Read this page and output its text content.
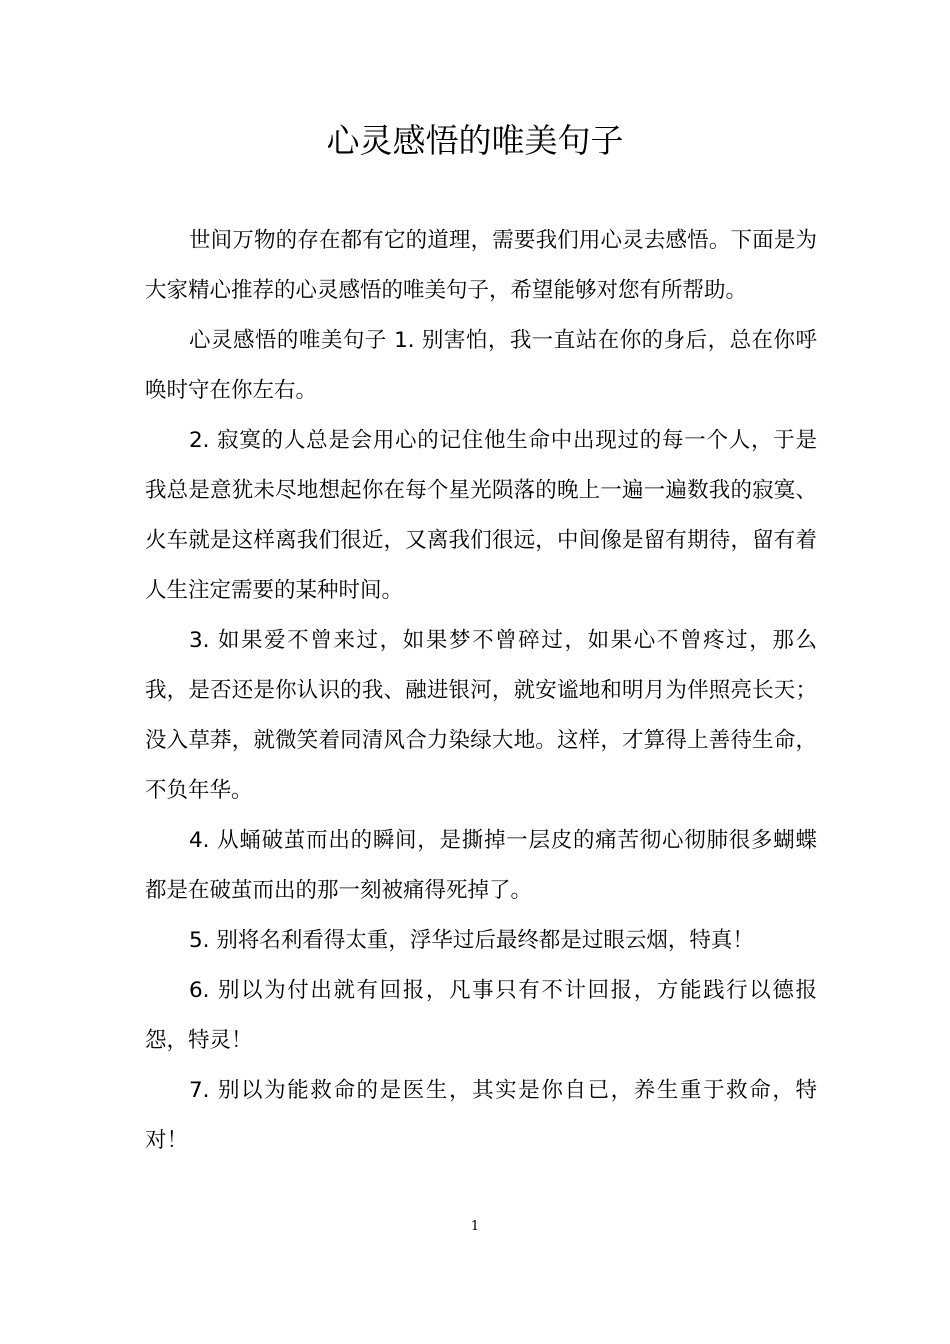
心灵感悟的唯美句子

世间万物的存在都有它的道理，需要我们用心灵去感悟。下面是为大家精心推荐的心灵感悟的唯美句子，希望能够对您有所帮助。

心灵感悟的唯美句子 1. 别害怕，我一直站在你的身后，总在你呼唤时守在你左右。

2. 寂寞的人总是会用心的记住他生命中出现过的每一个人，于是我总是意犹未尽地想起你在每个星光陨落的晚上一遍一遍数我的寂寞、火车就是这样离我们很近，又离我们很远，中间像是留有期待，留有着人生注定需要的某种时间。

3. 如果爱不曾来过，如果梦不曾碎过，如果心不曾疼过，那么我，是否还是你认识的我、融进银河，就安谧地和明月为伴照亮长天；没入草莽，就微笑着同清风合力染绿大地。这样，才算得上善待生命，不负年华。

4. 从蛹破茧而出的瞬间，是撕掉一层皮的痛苦彻心彻肺很多蝴蝶都是在破茧而出的那一刻被痛得死掉了。

5. 别将名利看得太重，浮华过后最终都是过眼云烟，特真！

6. 别以为付出就有回报，凡事只有不计回报，方能践行以德报怨，特灵！

7. 别以为能救命的是医生，其实是你自已，养生重于救命，特对！

1
